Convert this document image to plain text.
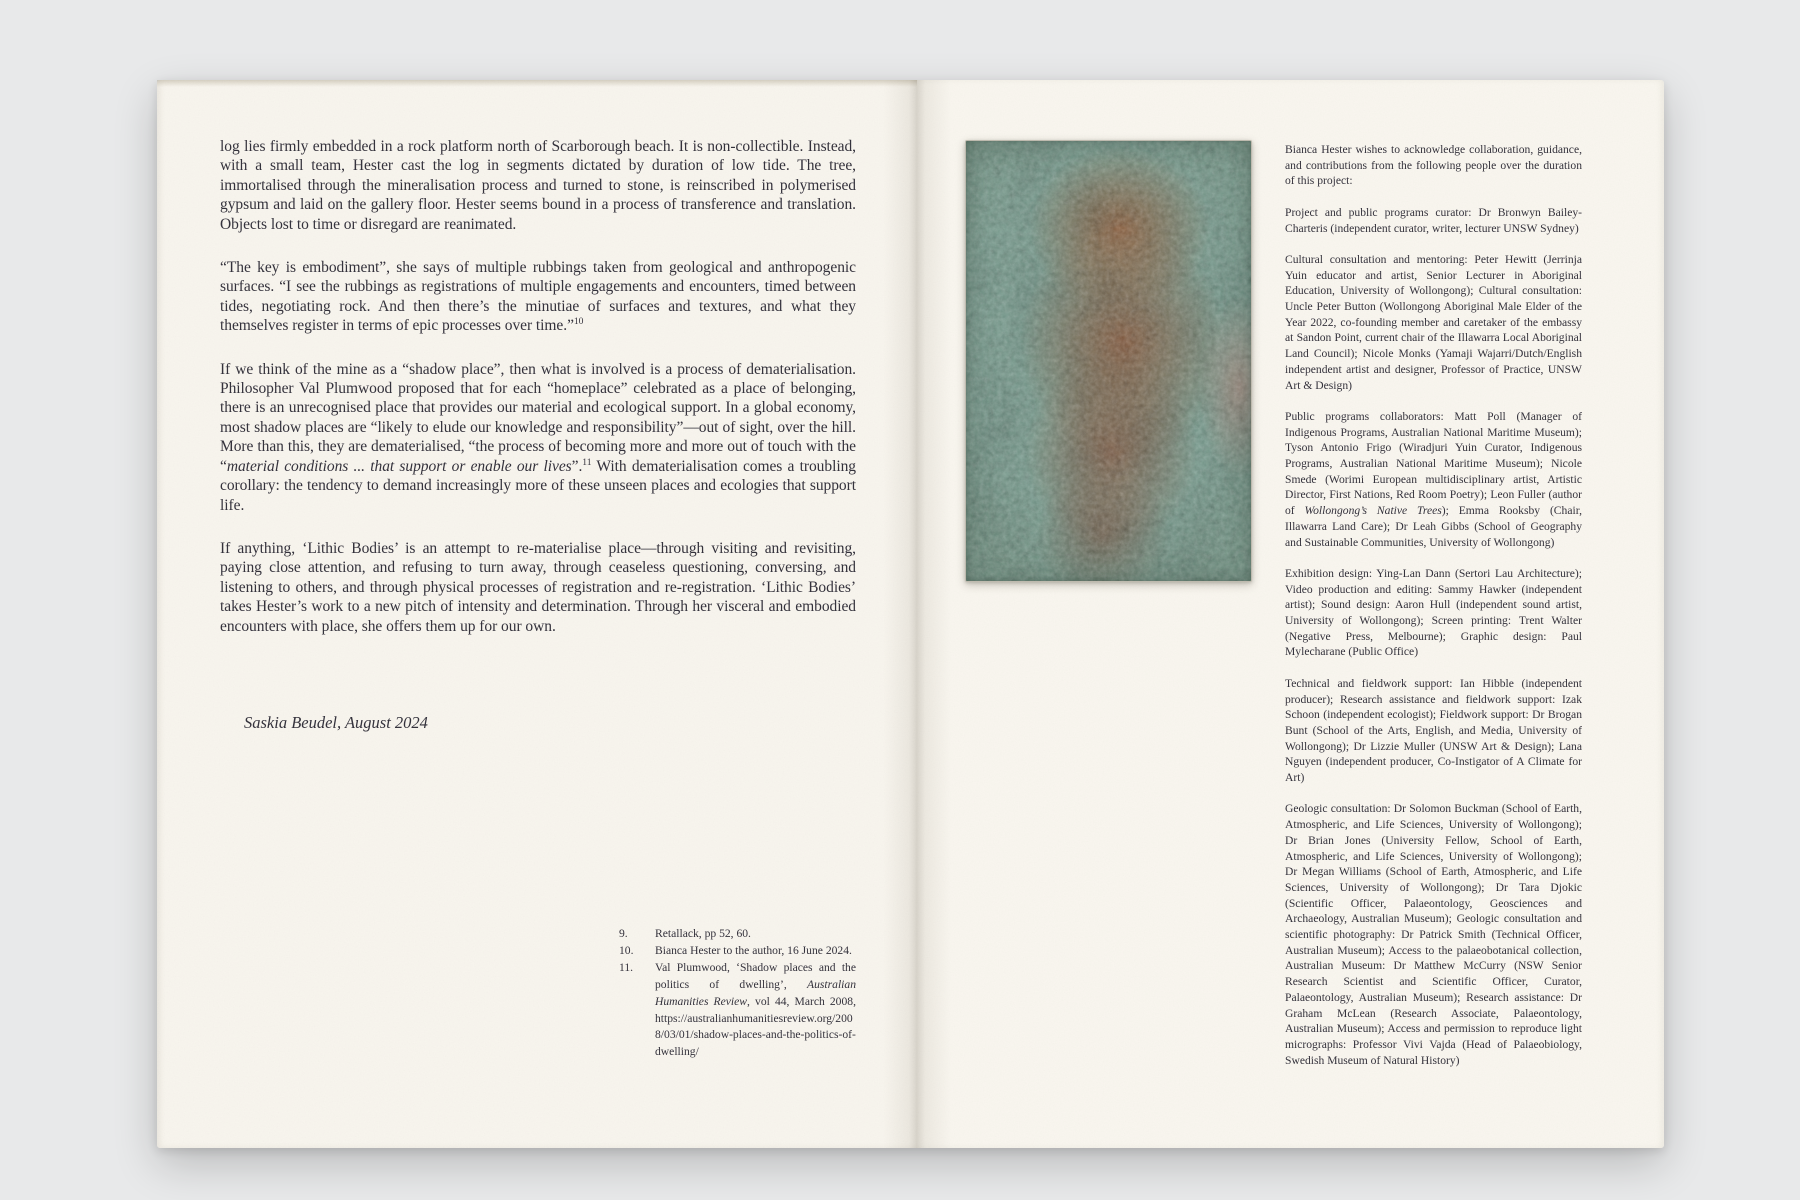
log lies firmly embedded in a rock platform north of Scarborough beach. It is non-collectible. Instead, with a small team, Hester cast the log in segments dictated by duration of low tide. The tree, immortalised through the mineralisation process and turned to stone, is reinscribed in polymerised gypsum and laid on the gallery floor. Hester seems bound in a process of transference and translation. Objects lost to time or disregard are reanimated.

“The key is embodiment”, she says of multiple rubbings taken from geological and anthropogenic surfaces. “I see the rubbings as registrations of multiple engagements and encounters, timed between tides, negotiating rock. And then there’s the minutiae of surfaces and textures, and what they themselves register in terms of epic processes over time.”$^{10}$

If we think of the mine as a “shadow place”, then what is involved is a process of dematerialisation. Philosopher Val Plumwood proposed that for each “homeplace” celebrated as a place of belonging, there is an unrecognised place that provides our material and ecological support. In a global economy, most shadow places are “likely to elude our knowledge and responsibility”—out of sight, over the hill. More than this, they are dematerialised, “the process of becoming more and more out of touch with the “material conditions ... that support or enable our lives”.$^{11}$ With dematerialisation comes a troubling corollary: the tendency to demand increasingly more of these unseen places and ecologies that support life.

If anything, ‘Lithic Bodies’ is an attempt to re-materialise place—through visiting and revisiting, paying close attention, and refusing to turn away, through ceaseless questioning, conversing, and listening to others, and through physical processes of registration and re-registration. ‘Lithic Bodies’ takes Hester’s work to a new pitch of intensity and determination. Through her visceral and embodied encounters with place, she offers them up for our own.

Saskia Beudel, August 2024
9.	Retallack, pp 52, 60.
10.	Bianca Hester to the author, 16 June 2024.
11.	Val Plumwood, ‘Shadow places and the politics of dwelling’, Australian Humanities Review, vol 44, March 2008, https://australianhumanitiesreview.org/2008/03/01/shadow-places-and-the-politics-of-dwelling/

Bianca Hester wishes to acknowledge collaboration, guidance, and contributions from the following people over the duration of this project:

Project and public programs curator: Dr Bronwyn Bailey-Charteris (independent curator, writer, lecturer UNSW Sydney)

Cultural consultation and mentoring: Peter Hewitt (Jerrinja Yuin educator and artist, Senior Lecturer in Aboriginal Education, University of Wollongong); Cultural consultation: Uncle Peter Button (Wollongong Aboriginal Male Elder of the Year 2022, co-founding member and caretaker of the embassy at Sandon Point, current chair of the Illawarra Local Aboriginal Land Council); Nicole Monks (Yamaji Wajarri/Dutch/English independent artist and designer, Professor of Practice, UNSW Art & Design)

Public programs collaborators: Matt Poll (Manager of Indigenous Programs, Australian National Maritime Museum); Tyson Antonio Frigo (Wiradjuri Yuin Curator, Indigenous Programs, Australian National Maritime Museum); Nicole Smede (Worimi European multidisciplinary artist, Artistic Director, First Nations, Red Room Poetry); Leon Fuller (author of Wollongong’s Native Trees); Emma Rooksby (Chair, Illawarra Land Care); Dr Leah Gibbs (School of Geography and Sustainable Communities, University of Wollongong)

Exhibition design: Ying-Lan Dann (Sertori Lau Architecture); Video production and editing: Sammy Hawker (independent artist); Sound design: Aaron Hull (independent sound artist, University of Wollongong); Screen printing: Trent Walter (Negative Press, Melbourne); Graphic design: Paul Mylecharane (Public Office)

Technical and fieldwork support: Ian Hibble (independent producer); Research assistance and fieldwork support: Izak Schoon (independent ecologist); Fieldwork support: Dr Brogan Bunt (School of the Arts, English, and Media, University of Wollongong); Dr Lizzie Muller (UNSW Art & Design); Lana Nguyen (independent producer, Co-Instigator of A Climate for Art)

Geologic consultation: Dr Solomon Buckman (School of Earth, Atmospheric, and Life Sciences, University of Wollongong); Dr Brian Jones (University Fellow, School of Earth, Atmospheric, and Life Sciences, University of Wollongong); Dr Megan Williams (School of Earth, Atmospheric, and Life Sciences, University of Wollongong); Dr Tara Djokic (Scientific Officer, Palaeontology, Geosciences and Archaeology, Australian Museum); Geologic consultation and scientific photography: Dr Patrick Smith (Technical Officer, Australian Museum); Access to the palaeobotanical collection, Australian Museum: Dr Matthew McCurry (NSW Senior Research Scientist and Scientific Officer, Curator, Palaeontology, Australian Museum); Research assistance: Dr Graham McLean (Research Associate, Palaeontology, Australian Museum); Access and permission to reproduce light micrographs: Professor Vivi Vajda (Head of Palaeobiology, Swedish Museum of Natural History)
